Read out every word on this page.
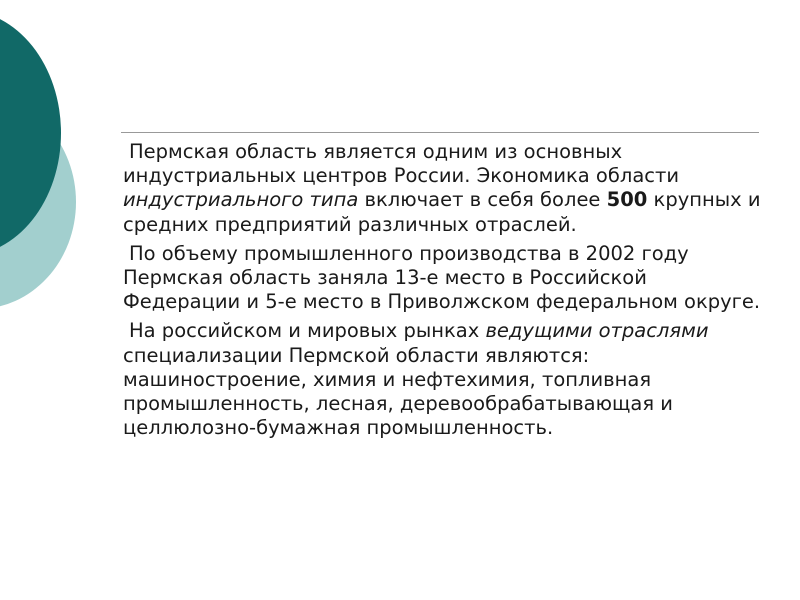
Пермская область является одним из основных индустриальных центров России. Экономика области индустриального типа включает в себя более 500 крупных и средних предприятий различных отраслей.

По объему промышленного производства в 2002 году Пермская область заняла 13-е место в Российской Федерации и 5-е место в Приволжском федеральном округе.

На российском и мировых рынках ведущими отраслями специализации Пермской области являются: машиностроение, химия и нефтехимия, топливная промышленность, лесная, деревообрабатывающая и целлюлозно-бумажная промышленность.
